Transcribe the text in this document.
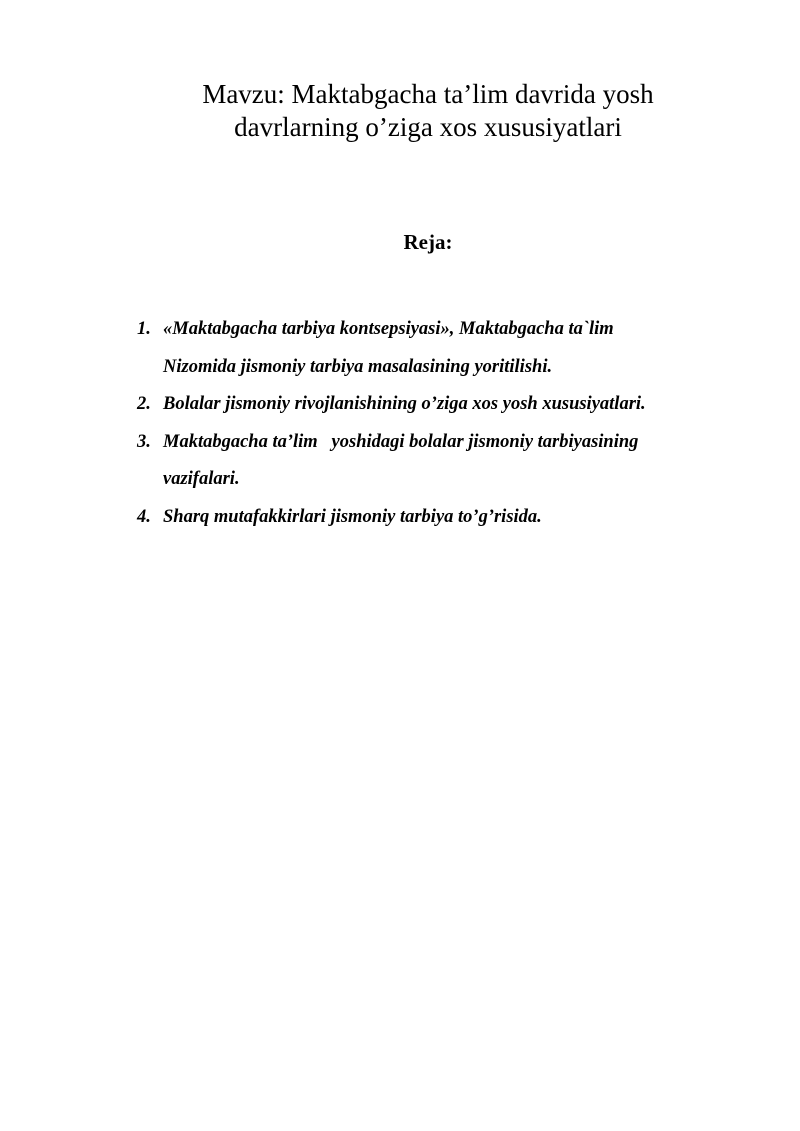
Mavzu: Maktabgacha ta’lim davrida yosh
davrlarning o’ziga xos xususiyatlari
Reja:
1. «Maktabgacha tarbiya kontsepsiyasi», Maktabgacha ta`lim
Nizomida jismoniy tarbiya masalasining yoritilishi.
2. Bolalar jismoniy rivojlanishining o’ziga xos yosh xususiyatlari.
3. Maktabgacha ta’lim   yoshidagi bolalar jismoniy tarbiyasining
vazifalari.
4. Sharq mutafakkirlari jismoniy tarbiya to’g’risida.
